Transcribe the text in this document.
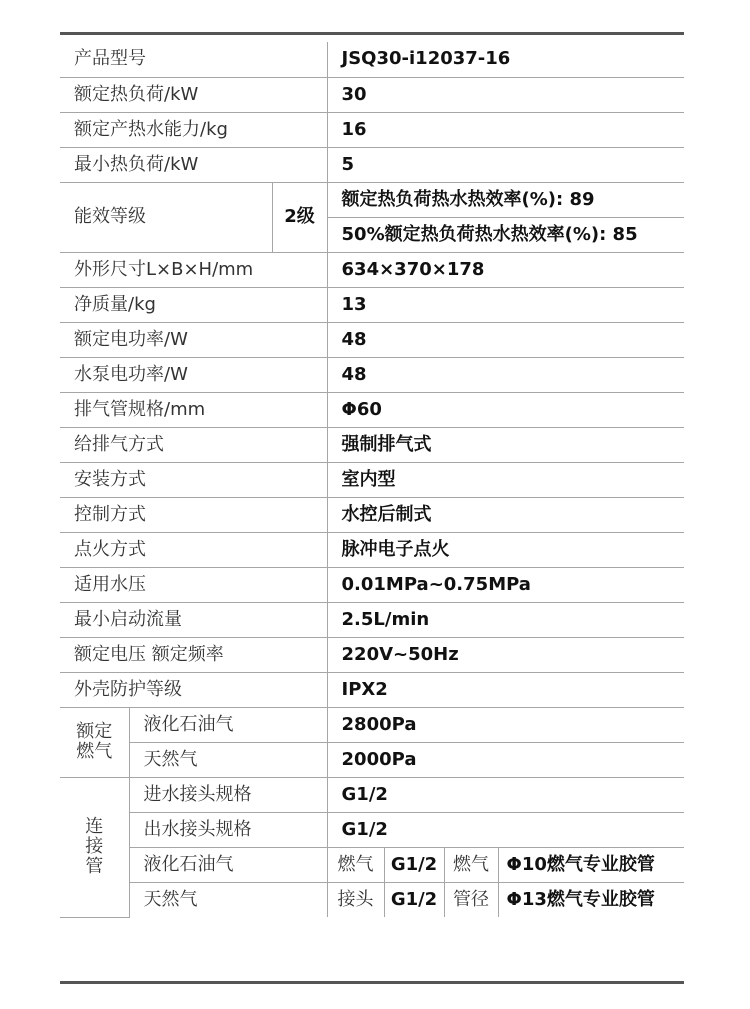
产品型号			JSQ30-i12037-16			
额定热负荷/kW			30			
额定产热水能力/kg			16			
最小热负荷/kW			5			
能效等级		2级	额定热负荷热水热效率(%): 89			
			50%额定热负荷热水热效率(%): 85			
外形尺寸L×B×H/mm			634×370×178			
净质量/kg			13			
额定电功率/W			48			
水泵电功率/W			48			
排气管规格/mm			Φ60			
给排气方式			强制排气式			
安装方式			室内型			
控制方式			水控后制式			
点火方式			脉冲电子点火			
适用水压			0.01MPa~0.75MPa			
最小启动流量			2.5L/min			
额定电压 额定频率			220V~50Hz			
外壳防护等级			IPX2			

额定
燃气	液化石油气		2800Pa			
	天然气		2000Pa			

连
接
管	进水接头规格		G1/2			
	出水接头规格		G1/2			
	液化石油气		燃气	G1/2	燃气	Φ10燃气专业胶管
	天然气		接头	G1/2	管径	Φ13燃气专业胶管
